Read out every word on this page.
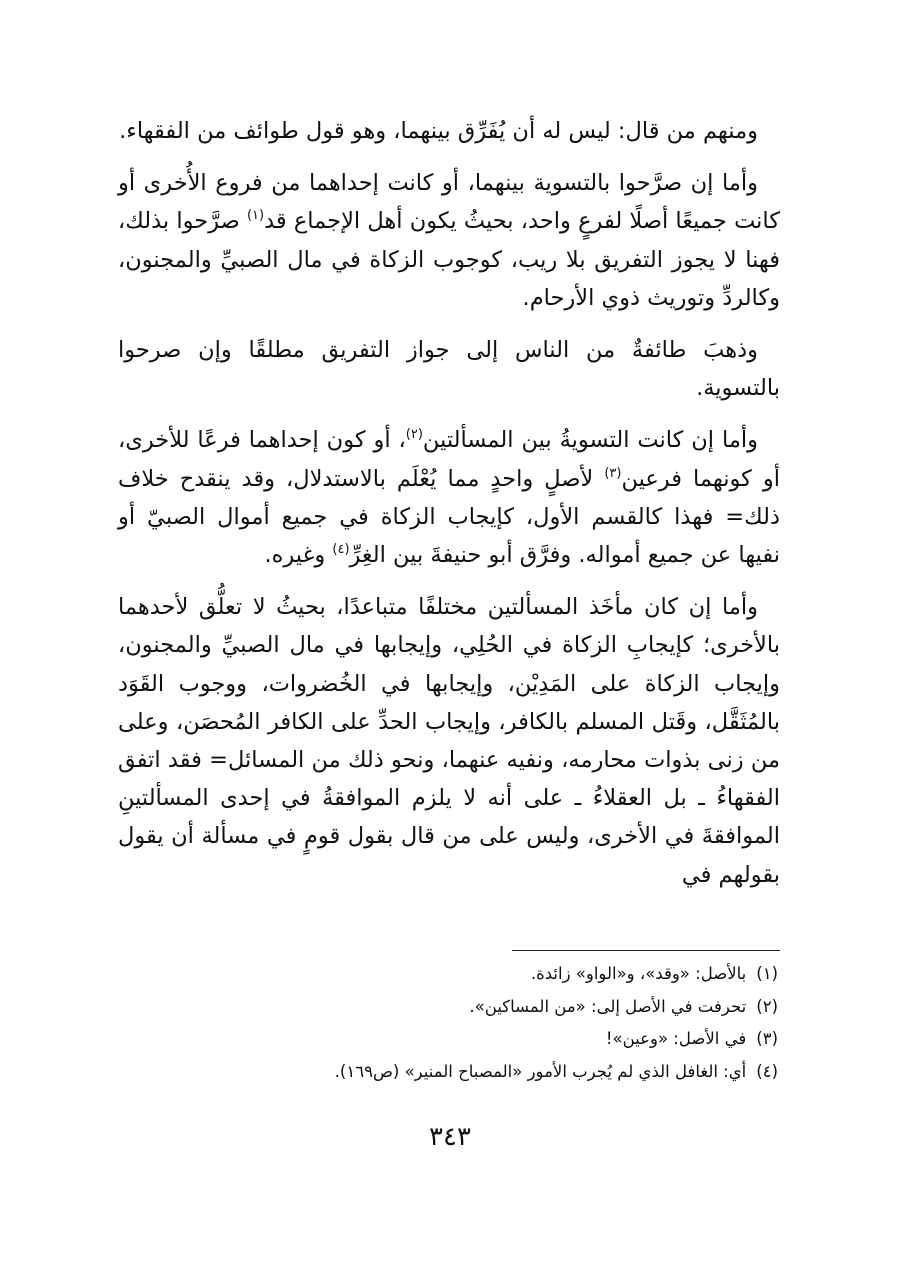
ومنهم من قال: ليس له أن يُفَرِّق بينهما، وهو قول طوائف من الفقهاء.

وأما إن صرَّحوا بالتسوية بينهما، أو كانت إحداهما من فروع الأُخرى أو كانت جميعًا أصلًا لفرعٍ واحد، بحيثُ يكون أهل الإجماع قد$^{(١)}$ صرَّحوا بذلك، فهنا لا يجوز التفريق بلا ريب، كوجوب الزكاة في مال الصبيِّ والمجنون، وكالردِّ وتوريث ذوي الأرحام.

وذهبَ طائفةٌ من الناس إلى جواز التفريق مطلقًا وإن صرحوا بالتسوية.

وأما إن كانت التسويةُ بين المسألتين$^{(٢)}$، أو كون إحداهما فرعًا للأخرى، أو كونهما فرعين$^{(٣)}$ لأصلٍ واحدٍ مما يُعْلَم بالاستدلال، وقد ينقدح خلاف ذلك= فهذا كالقسم الأول، كإيجاب الزكاة في جميع أموال الصبيّ أو نفيها عن جميع أمواله. وفرَّق أبو حنيفةَ بين الغِرِّ$^{(٤)}$ وغيره.

وأما إن كان مأخَذ المسألتين مختلفًا متباعدًا، بحيثُ لا تعلُّق لأحدهما بالأخرى؛ كإيجابِ الزكاة في الحُلِي، وإيجابها في مال الصبيِّ والمجنون، وإيجاب الزكاة على المَدِيْن، وإيجابها في الخُضروات، ووجوب القَوَد بالمُثَقَّل، وقَتل المسلم بالكافر، وإيجاب الحدِّ على الكافر المُحصَن، وعلى من زنى بذوات محارمه، ونفيه عنهما، ونحو ذلك من المسائل= فقد اتفق الفقهاءُ ـ بل العقلاءُ ـ على أنه لا يلزم الموافقةُ في إحدى المسألتينِ الموافقةَ في الأخرى، وليس على من قال بقول قومٍ في مسألة أن يقول بقولهم في

(١)بالأصل: «وقد»، و«الواو» زائدة.
(٢)تحرفت في الأصل إلى: «من المساكين».
(٣)في الأصل: «وعين»!
(٤)أي: الغافل الذي لم يُجرب الأمور «المصباح المنير» (ص١٦٩).
٣٤٣
